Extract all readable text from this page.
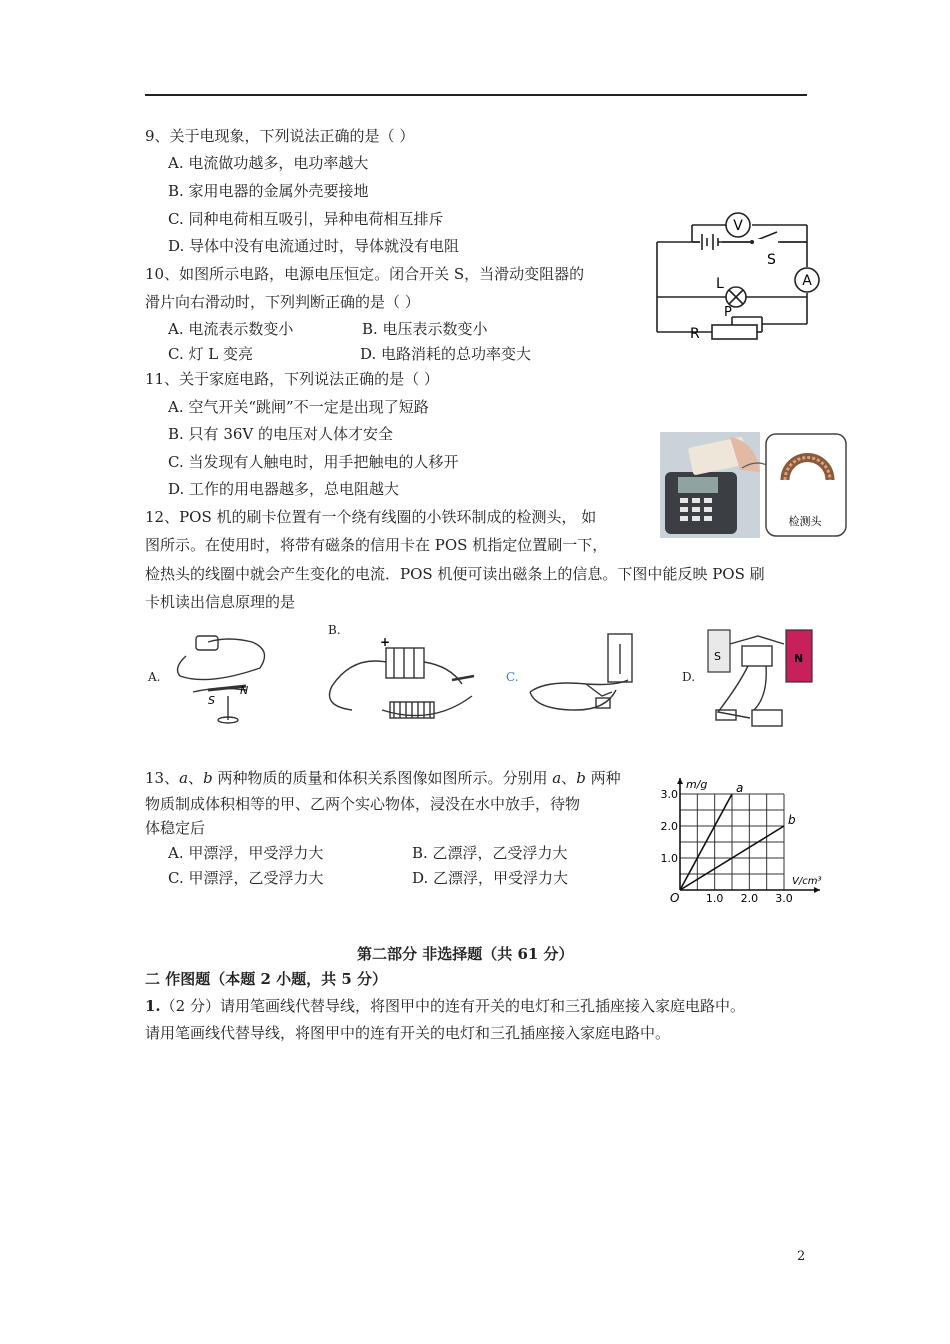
9、关于电现象，下列说法正确的是（ ）
A. 电流做功越多，电功率越大
B. 家用电器的金属外壳要接地
C. 同种电荷相互吸引，异种电荷相互排斥
D. 导体中没有电流通过时，导体就没有电阻
10、如图所示电路，电源电压恒定。闭合开关 S，当滑动变阻器的
滑片向右滑动时，下列判断正确的是（ ）
A. 电流表示数变小	B. 电压表示数变小
C. 灯 L 变亮	D. 电路消耗的总功率变大
V
A
S
L
R
P
11、关于家庭电路，下列说法正确的是（ ）
A. 空气开关“跳闸”不一定是出现了短路
B. 只有 36V 的电压对人体才安全
C. 当发现有人触电时，用手把触电的人移开
D. 工作的用电器越多，总电阻越大
检测头
12、POS 机的刷卡位置有一个绕有线圈的小铁环制成的检测头， 如
图所示。在使用时，将带有磁条的信用卡在 POS 机指定位置刷一下，
检热头的线圈中就会产生变化的电流．POS 机便可读出磁条上的信息。下图中能反映 POS 刷
卡机读出信息原理的是
A.
S
N
B.
+
C.	D.
S	N
13、a、b 两种物质的质量和体积关系图像如图所示。分别用 a、b 两种
物质制成体积相等的甲、乙两个实心物体，浸没在水中放手，待物
体稳定后
A. 甲漂浮，甲受浮力大	B. 乙漂浮，乙受浮力大
C. 甲漂浮，乙受浮力大	D. 乙漂浮，甲受浮力大
a
b
1.0 2.0 3.0
1.0
2.0
3.0
O
m/g
V/cm³
第二部分 非选择题（共 61 分）
二 作图题（本题 2 小题，共 5 分）
1.（2 分）请用笔画线代替导线，将图甲中的连有开关的电灯和三孔插座接入家庭电路中。
请用笔画线代替导线，将图甲中的连有开关的电灯和三孔插座接入家庭电路中。
2
